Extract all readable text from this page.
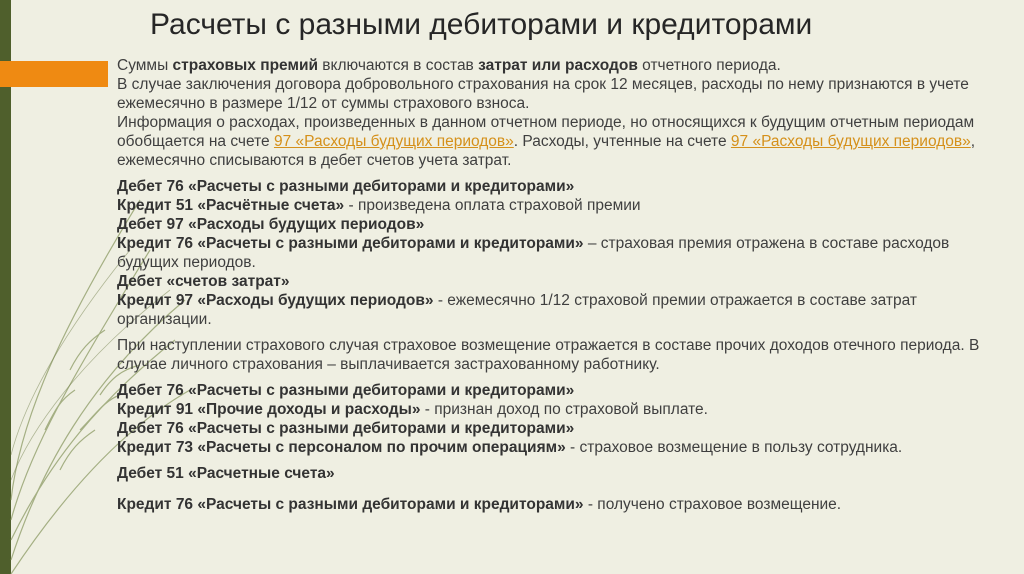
Расчеты с разными дебиторами и кредиторами

Суммы страховых премий включаются в состав затрат или расходов отчетного периода.
В случае заключения договора добровольного страхования на срок 12 месяцев, расходы по нему признаются в учете ежемесячно в размере 1/12 от суммы страхового взноса.
Информация о расходах, произведенных в данном отчетном периоде, но относящихся к будущим отчетным периодам обобщается на счете 97 «Расходы будущих периодов». Расходы, учтенные на счете 97 «Расходы будущих периодов», ежемесячно списываются в дебет счетов учета затрат.

Дебет 76 «Расчеты с разными дебиторами и кредиторами»
Кредит 51 «Расчётные счета» - произведена оплата страховой премии
Дебет 97 «Расходы будущих периодов»
Кредит 76 «Расчеты с разными дебиторами и кредиторами» – страховая премия отражена в составе расходов будущих периодов.
Дебет «счетов затрат»
Кредит 97 «Расходы будущих периодов» - ежемесячно 1/12 страховой премии отражается в составе затрат организации.

При наступлении страхового случая страховое возмещение отражается в составе прочих доходов отечного периода. В случае личного страхования – выплачивается застрахованному работнику.

Дебет 76 «Расчеты с разными дебиторами и кредиторами»
Кредит 91 «Прочие доходы и расходы» - признан доход по страховой выплате.
Дебет 76 «Расчеты с разными дебиторами и кредиторами»
Кредит 73 «Расчеты с персоналом по прочим операциям» - страховое возмещение в пользу сотрудника.

Дебет 51 «Расчетные счета»

Кредит 76 «Расчеты с разными дебиторами и кредиторами» - получено страховое возмещение.
